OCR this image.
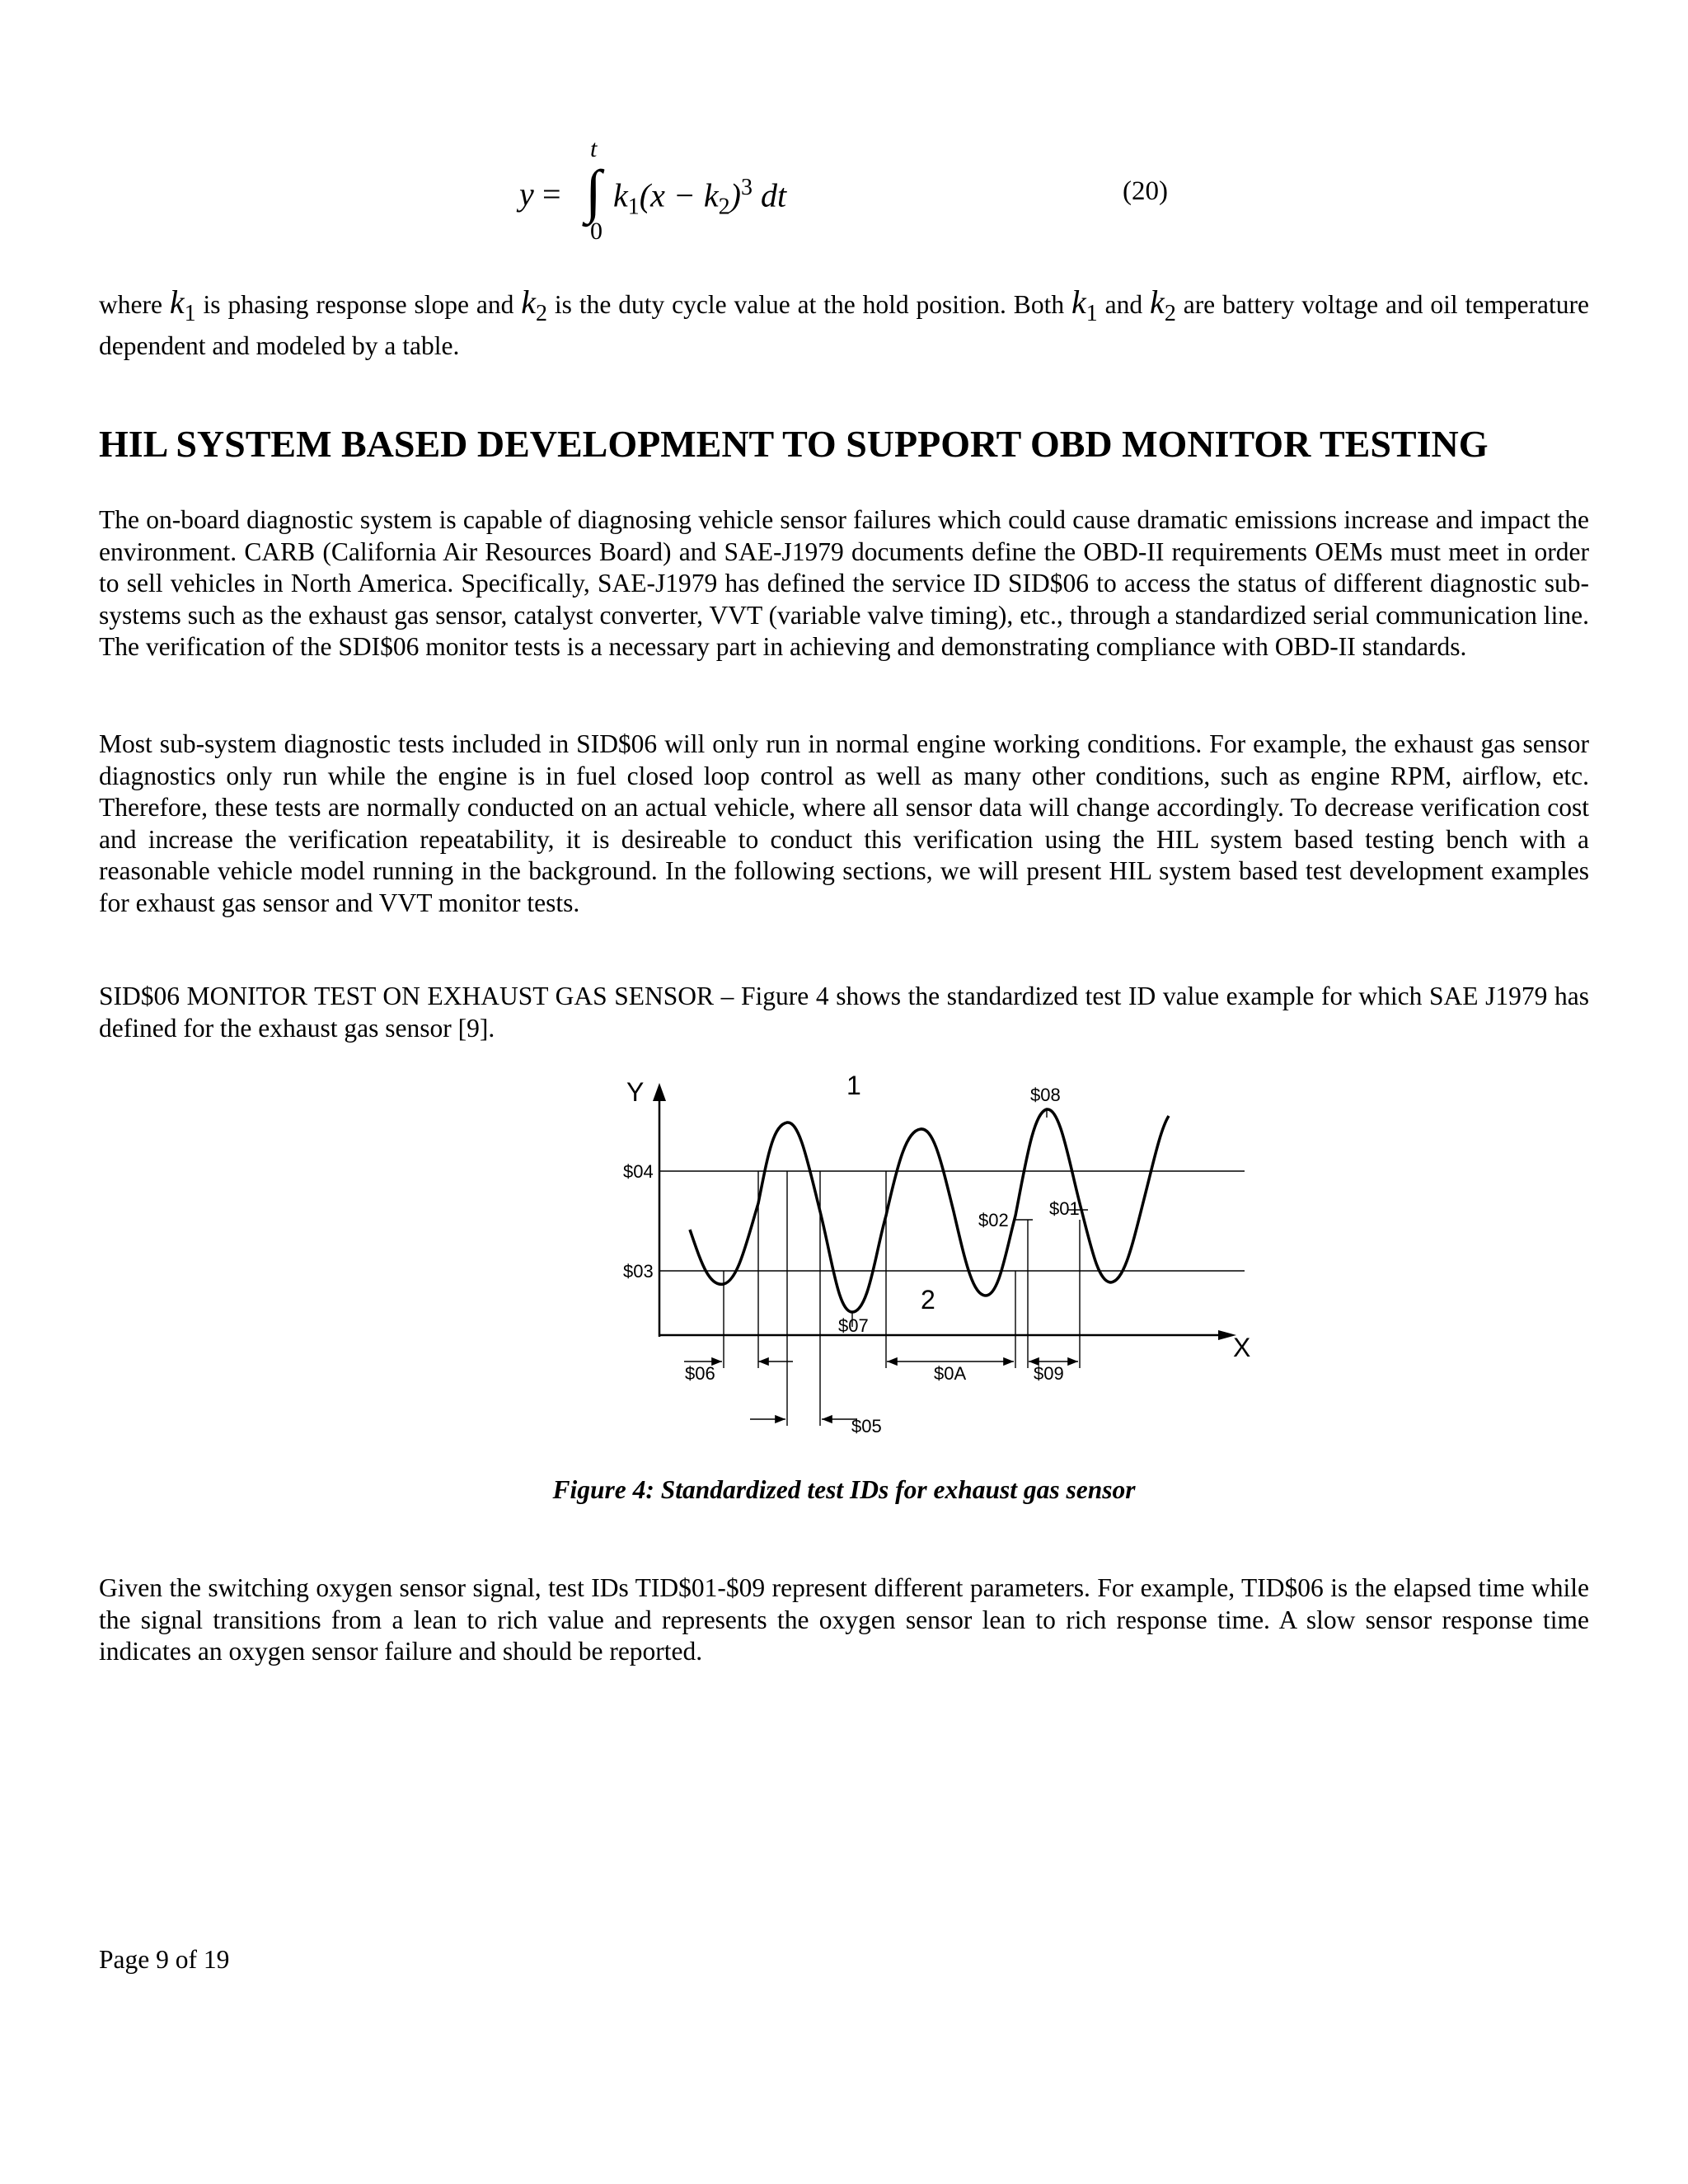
y =
t
∫
0
$k_1(x - k_2)^3$ dt	(20)

where $k_1$ is phasing response slope and $k_2$ is the duty cycle value at the hold position. Both $k_1$ and $k_2$ are battery voltage and oil temperature dependent and modeled by a table.

HIL SYSTEM BASED DEVELOPMENT TO SUPPORT OBD MONITOR TESTING

The on-board diagnostic system is capable of diagnosing vehicle sensor failures which could cause dramatic emissions increase and impact the environment. CARB (California Air Resources Board) and SAE-J1979 documents define the OBD-II requirements OEMs must meet in order to sell vehicles in North America. Specifically, SAE-J1979 has defined the service ID SID$06 to access the status of different diagnostic sub-systems such as the exhaust gas sensor, catalyst converter, VVT (variable valve timing), etc., through a standardized serial communication line. The verification of the SDI$06 monitor tests is a necessary part in achieving and demonstrating compliance with OBD-II standards.

Most sub-system diagnostic tests included in SID$06 will only run in normal engine working conditions. For example, the exhaust gas sensor diagnostics only run while the engine is in fuel closed loop control as well as many other conditions, such as engine RPM, airflow, etc. Therefore, these tests are normally conducted on an actual vehicle, where all sensor data will change accordingly. To decrease verification cost and increase the verification repeatability, it is desireable to conduct this verification using the HIL system based testing bench with a reasonable vehicle model running in the background. In the following sections, we will present HIL system based test development examples for exhaust gas sensor and VVT monitor tests.

SID$06 MONITOR TEST ON EXHAUST GAS SENSOR – Figure 4 shows the standardized test ID value example for which SAE J1979 has defined for the exhaust gas sensor [9].

Y
X
1
2
$04
$03
$01
$02
$05
$06
$07
$08
$09
$0A

Figure 4: Standardized test IDs for exhaust gas sensor

Given the switching oxygen sensor signal, test IDs TID$01-$09 represent different parameters. For example, TID$06 is the elapsed time while the signal transitions from a lean to rich value and represents the oxygen sensor lean to rich response time. A slow sensor response time indicates an oxygen sensor failure and should be reported.

Page 9 of 19
